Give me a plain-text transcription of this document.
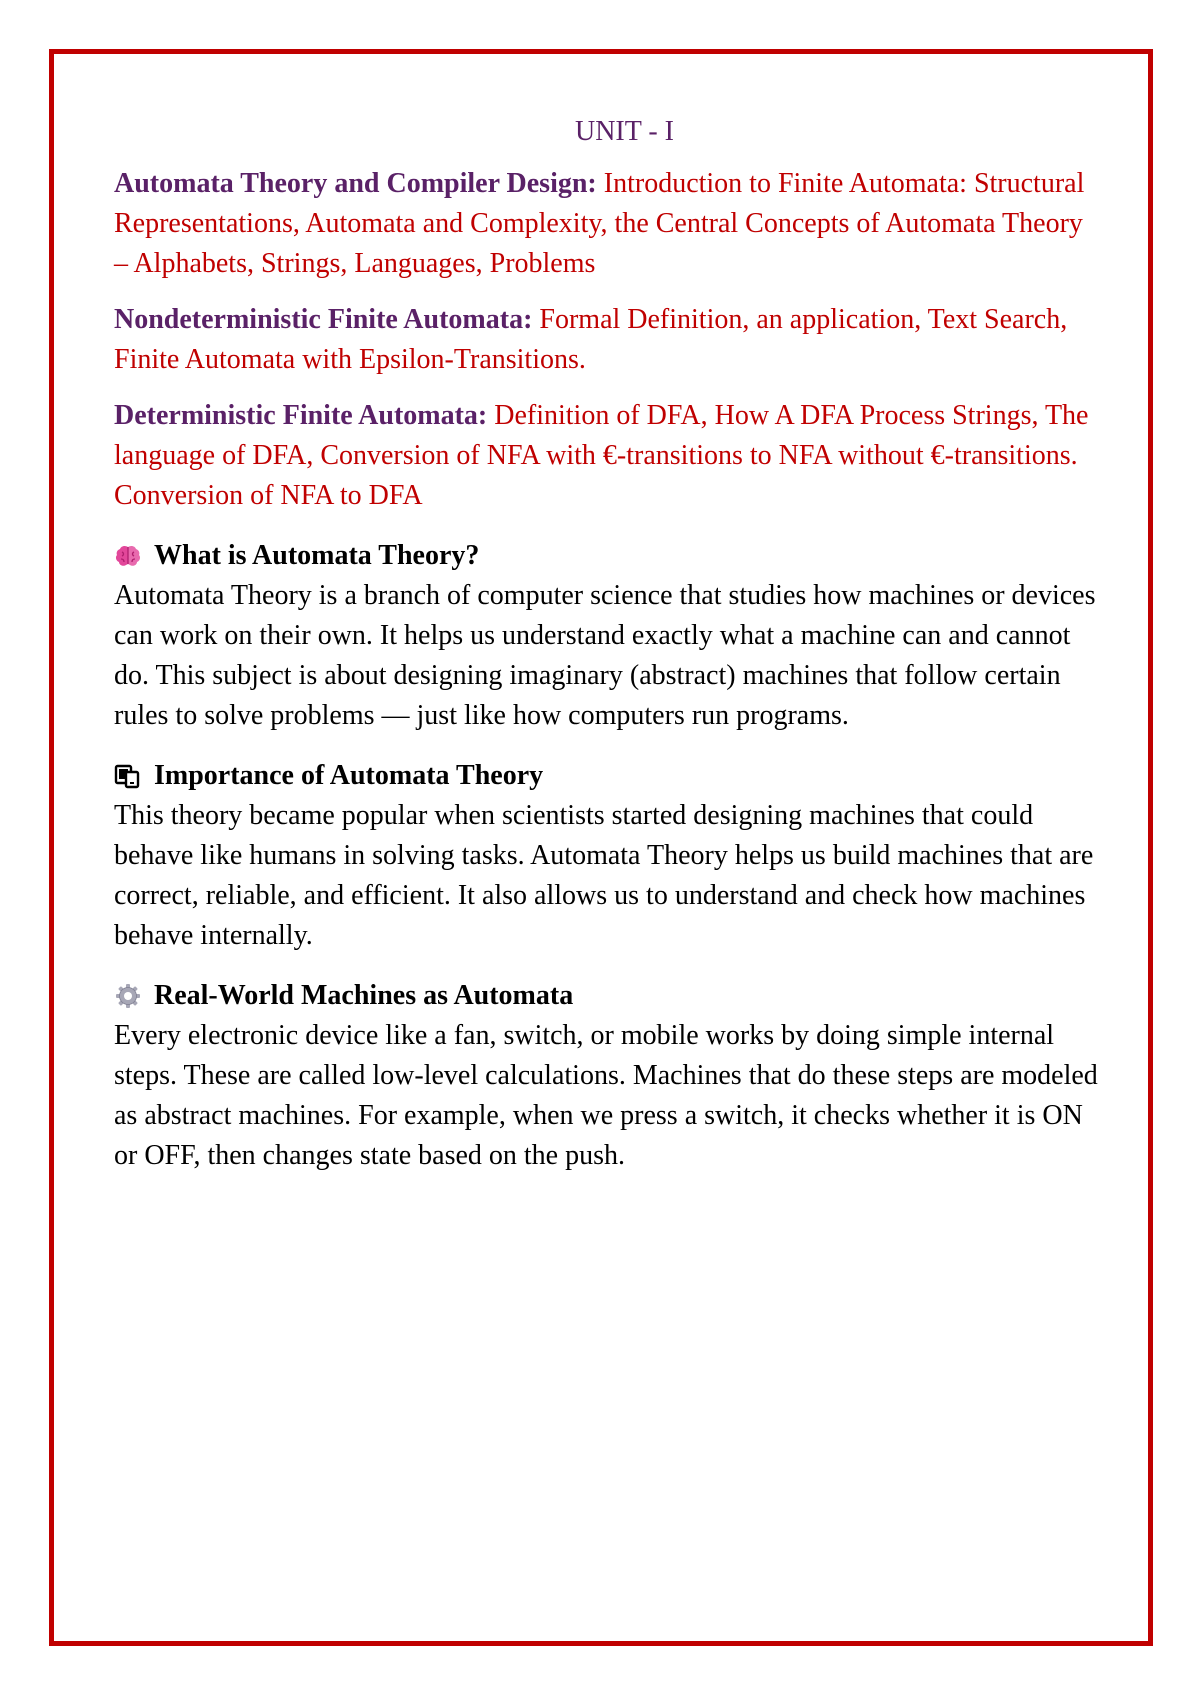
UNIT - I

Automata Theory and Compiler Design: Introduction to Finite Automata: Structural Representations, Automata and Complexity, the Central Concepts of Automata Theory – Alphabets, Strings, Languages, Problems

Nondeterministic Finite Automata: Formal Definition, an application, Text Search, Finite Automata with Epsilon-Transitions.

Deterministic Finite Automata: Definition of DFA, How A DFA Process Strings, The language of DFA, Conversion of NFA with €-transitions to NFA without €-transitions. Conversion of NFA to DFA

What is Automata Theory?

Automata Theory is a branch of computer science that studies how machines or devices can work on their own. It helps us understand exactly what a machine can and cannot do. This subject is about designing imaginary (abstract) machines that follow certain rules to solve problems — just like how computers run programs.

Importance of Automata Theory

This theory became popular when scientists started designing machines that could behave like humans in solving tasks. Automata Theory helps us build machines that are correct, reliable, and efficient. It also allows us to understand and check how machines behave internally.

Real-World Machines as Automata

Every electronic device like a fan, switch, or mobile works by doing simple internal steps. These are called low-level calculations. Machines that do these steps are modeled as abstract machines. For example, when we press a switch, it checks whether it is ON or OFF, then changes state based on the push.
